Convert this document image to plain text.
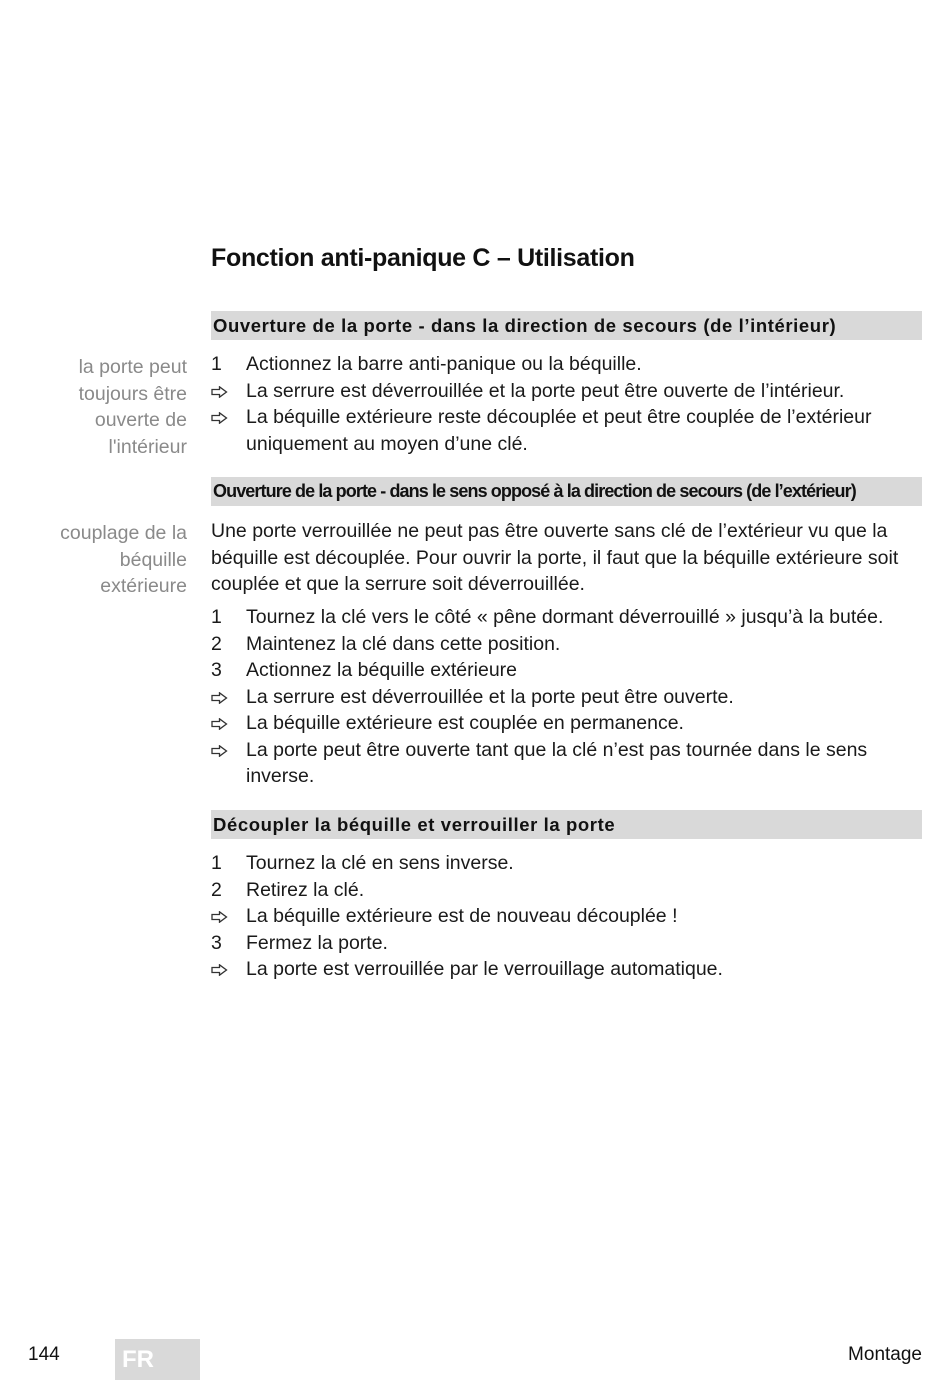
Fonction anti-panique C – Utilisation
Ouverture de la porte - dans la direction de secours (de l’intérieur)
la porte peut toujours être ouverte de l'intérieur
1	Actionnez la barre anti-panique ou la béquille.
La serrure est déverrouillée et la porte peut être ouverte de l’intérieur.
La béquille extérieure reste découplée et peut être couplée de l’extérieur uniquement au moyen d’une clé.
Ouverture de la porte - dans le sens opposé à la direction de secours (de l’extérieur)
couplage de la béquille extérieure

Une porte verrouillée ne peut pas être ouverte sans clé de l’extérieur vu que la béquille est découplée. Pour ouvrir la porte, il faut que la béquille extérieure soit couplée et que la serrure soit déverrouillée.

1	Tournez la clé vers le côté « pêne dormant déverrouillé » jusqu’à la butée.
2	Maintenez la clé dans cette position.
3	Actionnez la béquille extérieure
La serrure est déverrouillée et la porte peut être ouverte.
La béquille extérieure est couplée en permanence.
La porte peut être ouverte tant que la clé n’est pas tournée dans le sens inverse.
Découpler la béquille et verrouiller la porte
1	Tournez la clé en sens inverse.
2	Retirez la clé.
La béquille extérieure est de nouveau découplée !
3	Fermez la porte.
La porte est verrouillée par le verrouillage automatique.
144	FR	Montage
